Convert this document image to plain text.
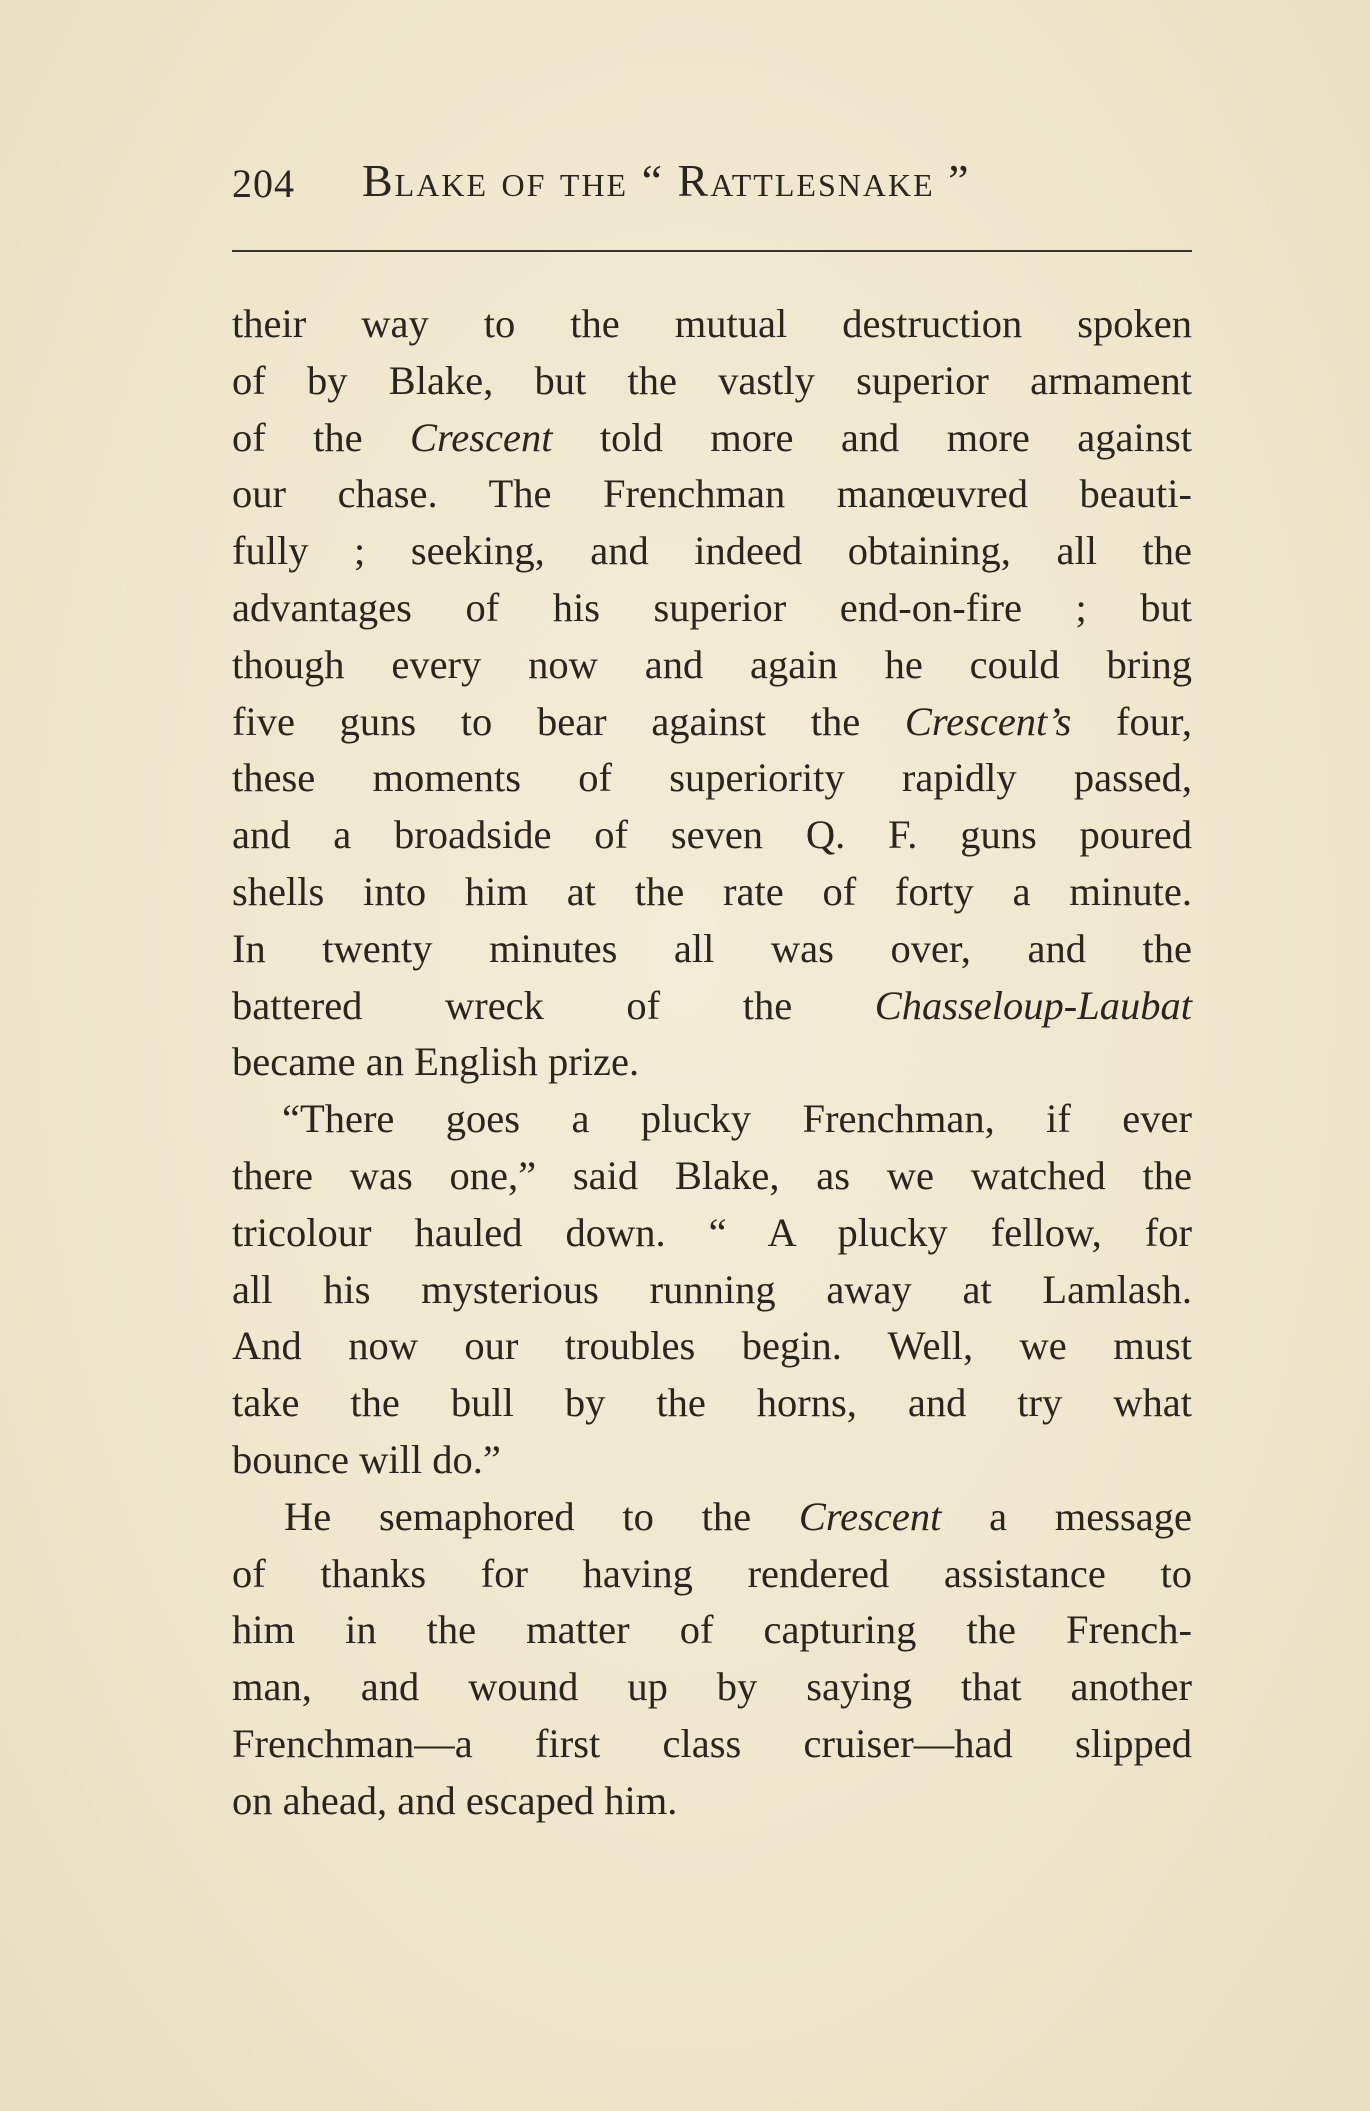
204 Blake of the “ Rattlesnake ”
their way to the mutual destruction spoken
of by Blake, but the vastly superior armament
of the Crescent told more and more against
our chase. The Frenchman manœuvred beauti-
fully ; seeking, and indeed obtaining, all the
advantages of his superior end-on-fire ; but
though every now and again he could bring
five guns to bear against the Crescent’s four,
these moments of superiority rapidly passed,
and a broadside of seven Q. F. guns poured
shells into him at the rate of forty a minute.
In twenty minutes all was over, and the
battered wreck of the Chasseloup-Laubat
became an English prize.
“There goes a plucky Frenchman, if ever
there was one,” said Blake, as we watched the
tricolour hauled down. “ A plucky fellow, for
all his mysterious running away at Lamlash.
And now our troubles begin. Well, we must
take the bull by the horns, and try what
bounce will do.”
He semaphored to the Crescent a message
of thanks for having rendered assistance to
him in the matter of capturing the French-
man, and wound up by saying that another
Frenchman—a first class cruiser—had slipped
on ahead, and escaped him.
